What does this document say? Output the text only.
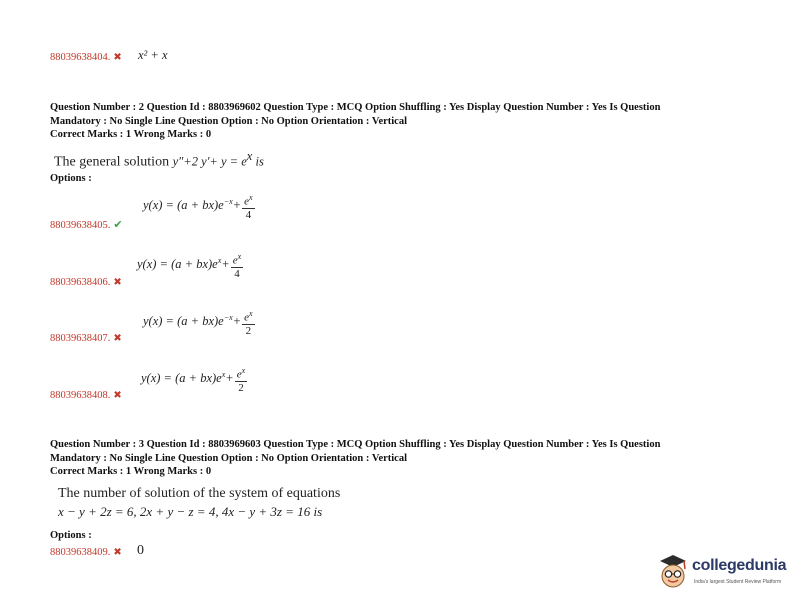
88039638404. ✖ x² + x
Question Number : 2 Question Id : 8803969602 Question Type : MCQ Option Shuffling : Yes Display Question Number : Yes Is Question
Mandatory : No Single Line Question Option : No Option Orientation : Vertical
Correct Marks : 1 Wrong Marks : 0
The general solution y″+2 $y'+ y = e^x$ is
Options :
88039638405. ✔
$y(x) = (a + bx)e^{-x}+ \frac{e^x}{4}$
88039638406. ✖
$y(x) = (a + bx)e^x+ \frac{e^x}{4}$
88039638407. ✖
$y(x) = (a + bx)e^{-x}+ \frac{e^x}{2}$
88039638408. ✖
$y(x) = (a + bx)e^x+ \frac{e^x}{2}$
Question Number : 3 Question Id : 8803969603 Question Type : MCQ Option Shuffling : Yes Display Question Number : Yes Is Question
Mandatory : No Single Line Question Option : No Option Orientation : Vertical
Correct Marks : 1 Wrong Marks : 0
The number of solution of the system of equations
x − y + 2z = 6, 2x + y − z = 4, 4x − y + 3z = 16 is
Options :
88039638409. ✖ 0
collegedunia
India's largest Student Review Platform
